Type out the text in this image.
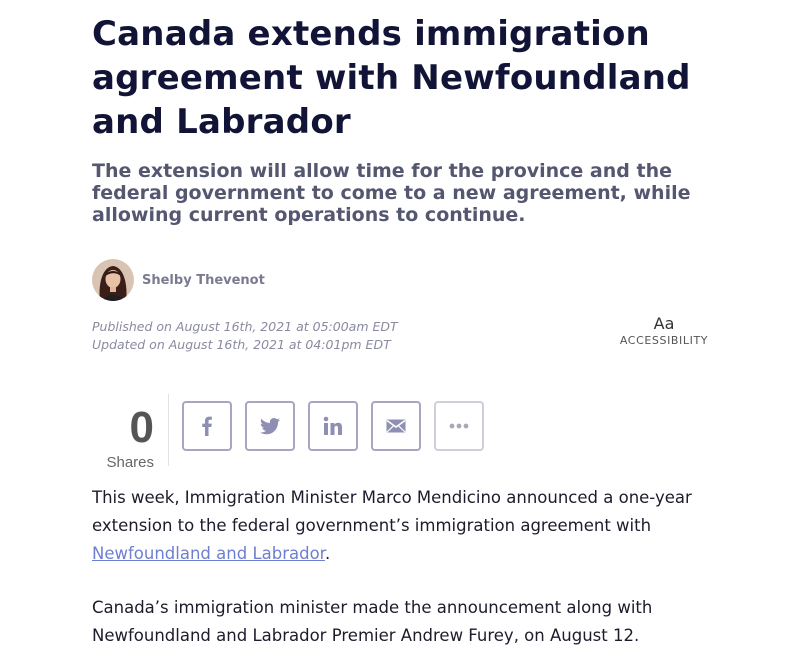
Canada extends immigration agreement with Newfoundland and Labrador
The extension will allow time for the province and the federal government to come to a new agreement, while allowing current operations to continue.
Shelby Thevenot
Published on August 16th, 2021 at 05:00am EDT
Updated on August 16th, 2021 at 04:01pm EDT
Aa
ACCESSIBILITY
0
Shares

This week, Immigration Minister Marco Mendicino announced a one-year extension to the federal government’s immigration agreement with Newfoundland and Labrador.

Canada’s immigration minister made the announcement along with Newfoundland and Labrador Premier Andrew Furey, on August 12.
